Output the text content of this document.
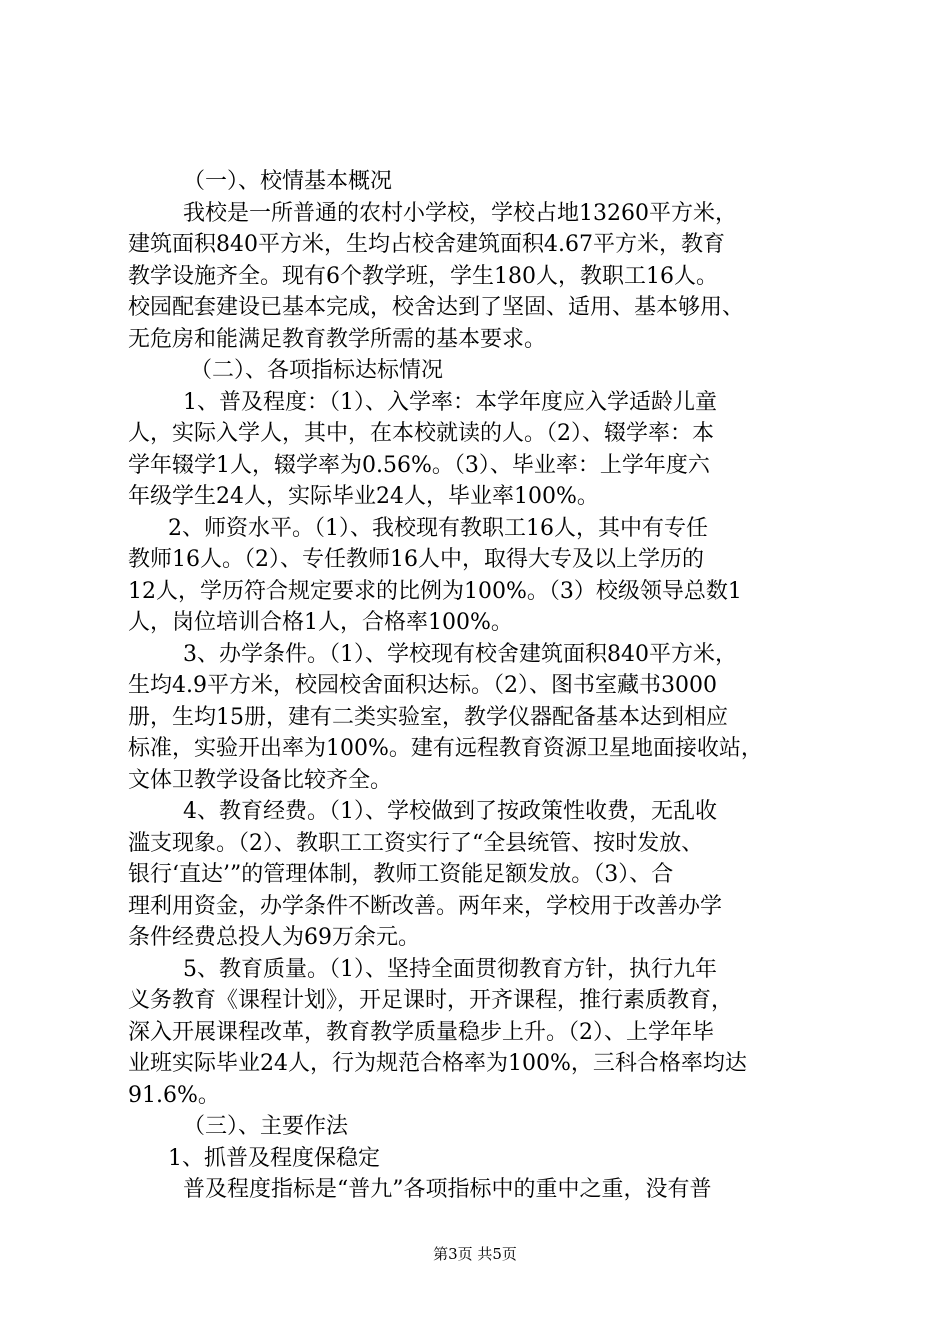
（一）、校情基本概况
我校是一所普通的农村小学校，学校占地13260平方米，
建筑面积840平方米，生均占校舍建筑面积4.67平方米，教育
教学设施齐全。现有6个教学班，学生180人，教职工16人。
校园配套建设已基本完成，校舍达到了坚固、适用、基本够用、
无危房和能满足教育教学所需的基本要求。
（二）、各项指标达标情况
1、普及程度：（1）、入学率：本学年度应入学适龄儿童
人，实际入学人，其中，在本校就读的人。（2）、辍学率：本
学年辍学1人，辍学率为0.56%。（3）、毕业率：上学年度六
年级学生24人，实际毕业24人，毕业率100%。
2、师资水平。（1）、我校现有教职工16人，其中有专任
教师16人。（2）、专任教师16人中，取得大专及以上学历的
12人，学历符合规定要求的比例为100%。（3）校级领导总数1
人，岗位培训合格1人，合格率100%。
3、办学条件。（1）、学校现有校舍建筑面积840平方米，
生均4.9平方米，校园校舍面积达标。（2）、图书室藏书3000
册，生均15册，建有二类实验室，教学仪器配备基本达到相应
标准，实验开出率为100%。建有远程教育资源卫星地面接收站，
文体卫教学设备比较齐全。
4、教育经费。（1）、学校做到了按政策性收费，无乱收
滥支现象。（2）、教职工工资实行了“全县统管、按时发放、
银行‘直达’”的管理体制，教师工资能足额发放。（3）、合
理利用资金，办学条件不断改善。两年来，学校用于改善办学
条件经费总投人为69万余元。
5、教育质量。（1）、坚持全面贯彻教育方针，执行九年
义务教育《课程计划》，开足课时，开齐课程，推行素质教育，
深入开展课程改革，教育教学质量稳步上升。（2）、上学年毕
业班实际毕业24人，行为规范合格率为100%，三科合格率均达
91.6%。
（三）、主要作法
1、抓普及程度保稳定
普及程度指标是“普九”各项指标中的重中之重，没有普
第3页 共5页
